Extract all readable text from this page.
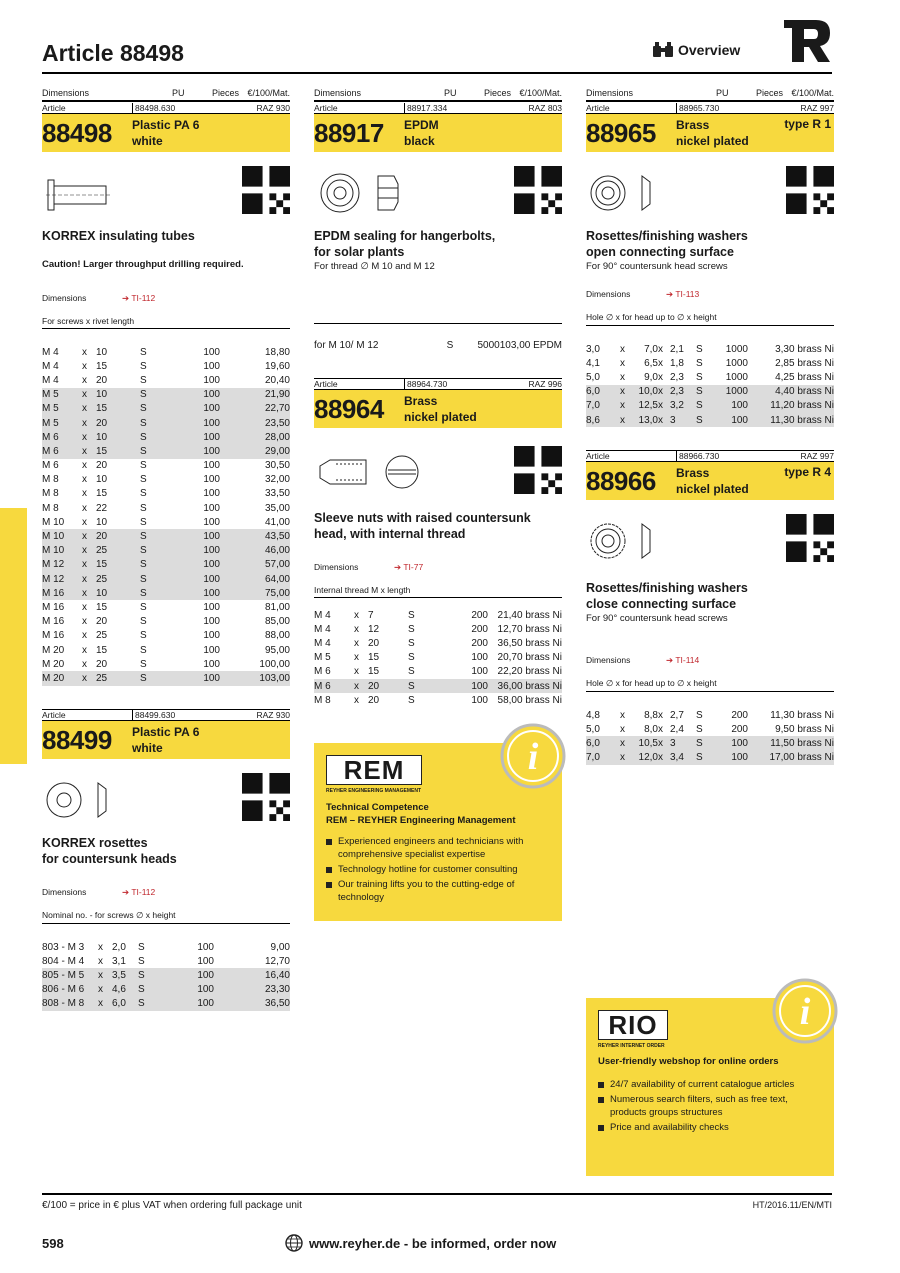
Article 88498	Overview
Dimensions	PU	Pieces €/100/Mat.
Article	88498.630	RAZ 930
88498	Plastic PA 6
white
KORREX insulating tubes
Caution! Larger throughput drilling required.
Dimensions	➔ TI-112
For screws x rivet length
M 4	x 10	S	100	18,80
M 4	x 15	S	100	19,60
M 4	x 20	S	100	20,40
M 5	x 10	S	100	21,90
M 5	x 15	S	100	22,70
M 5	x 20	S	100	23,50
M 6	x 10	S	100	28,00
M 6	x 15	S	100	29,00
M 6	x 20	S	100	30,50
M 8	x 10	S	100	32,00
M 8	x 15	S	100	33,50
M 8	x 22	S	100	35,00
M 10	x 10	S	100	41,00
M 10	x 20	S	100	43,50
M 10	x 25	S	100	46,00
M 12	x 15	S	100	57,00
M 12	x 25	S	100	64,00
M 16	x 10	S	100	75,00
M 16	x 15	S	100	81,00
M 16	x 20	S	100	85,00
M 16	x 25	S	100	88,00
M 20	x 15	S	100	95,00
M 20	x 20	S	100	100,00
M 20	x 25	S	100	103,00
Article	88499.630	RAZ 930
88499	Plastic PA 6
white
KORREX rosettes
for countersunk heads
Dimensions	➔ TI-112
Nominal no. - for screws ∅ x height
803 - M 3	x 2,0	S	100	9,00
804 - M 4	x 3,1	S	100	12,70
805 - M 5	x 3,5	S	100	16,40
806 - M 6	x 4,6	S	100	23,30
808 - M 8	x 6,0	S	100	36,50
Dimensions	PU	Pieces €/100/Mat.
Article	88917.334	RAZ 803
88917	EPDM
black
EPDM sealing for hangerbolts,
for solar plants
For thread ∅ M 10 and M 12
for M 10/ M 12	S	5000 103,00 EPDM
Article	88964.730	RAZ 996
88964	Brass
nickel plated
Sleeve nuts with raised countersunk
head, with internal thread
Dimensions	➔ TI-77
Internal thread M x length
M 4	x 7	S	200 21,40 brass Ni
M 4	x 12	S	200 12,70 brass Ni
M 4	x 20	S	200 36,50 brass Ni
M 5	x 15	S	100 20,70 brass Ni
M 6	x 15	S	100 22,20 brass Ni
M 6	x 20	S	100 36,00 brass Ni
M 8	x 20	S	100 58,00 brass Ni
REM
REYHER ENGINEERING MANAGEMENT
i
Technical Competence
REM – REYHER Engineering Management
Experienced engineers and technicians with comprehensive specialist expertise
Technology hotline for customer consulting
Our training lifts you to the cutting-edge of technology
Dimensions	PU	Pieces €/100/Mat.
Article	88965.730	RAZ 997
88965	Brass
nickel plated
type R 1
Rosettes/finishing washers
open connecting surface
For 90° countersunk head screws
Dimensions	➔ TI-113
Hole ∅ x for head up to ∅ x height
3,0	x	7,0 x 2,1	S	1000	3,30 brass Ni
4,1	x	6,5 x 1,8	S	1000	2,85 brass Ni
5,0	x	9,0 x 2,3	S	1000	4,25 brass Ni
6,0	x	10,0 x 2,3	S	1000	4,40 brass Ni
7,0	x	12,5 x 3,2	S	100	11,20 brass Ni
8,6	x	13,0 x 3	S	100	11,30 brass Ni
Article	88966.730	RAZ 997
88966	Brass
nickel plated
type R 4
Rosettes/finishing washers
close connecting surface
For 90° countersunk head screws
Dimensions	➔ TI-114
Hole ∅ x for head up to ∅ x height
4,8	x	8,8 x 2,7	S	200	11,30 brass Ni
5,0	x	8,0 x 2,4	S	200	9,50 brass Ni
6,0	x	10,5 x 3	S	100	11,50 brass Ni
7,0	x	12,0 x 3,4	S	100	17,00 brass Ni
RIO
REYHER INTERNET ORDER
i
User-friendly webshop for online orders
24/7 availability of current catalogue articles
Numerous search filters, such as free text, products groups structures
Price and availability checks
€/100 = price in € plus VAT when ordering full package unit	HT/2016.11/EN/MTI
598	www.reyher.de - be informed, order now
